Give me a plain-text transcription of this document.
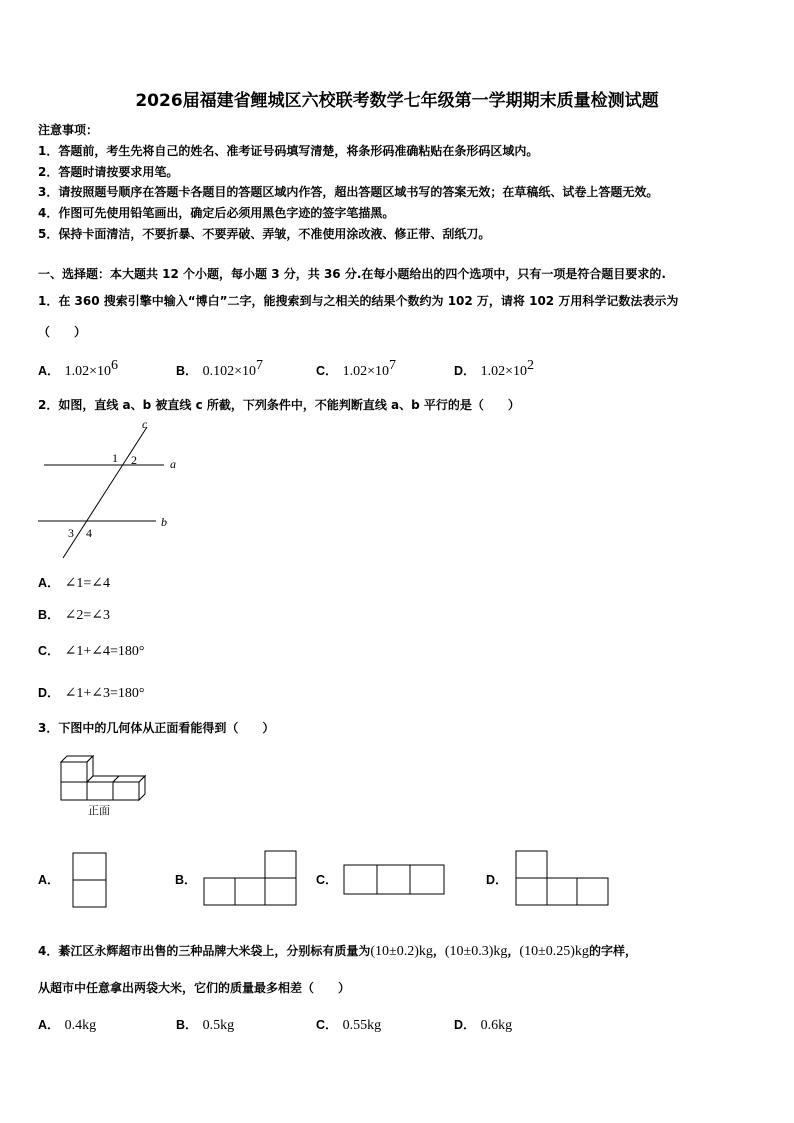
2026届福建省鲤城区六校联考数学七年级第一学期期末质量检测试题
注意事项：
1．答题前，考生先将自己的姓名、准考证号码填写清楚，将条形码准确粘贴在条形码区域内。
2．答题时请按要求用笔。
3．请按照题号顺序在答题卡各题目的答题区域内作答，超出答题区域书写的答案无效；在草稿纸、试卷上答题无效。
4．作图可先使用铅笔画出，确定后必须用黑色字迹的签字笔描黑。
5．保持卡面清洁，不要折暴、不要弄破、弄皱，不准使用涂改液、修正带、刮纸刀。
一、选择题：本大题共 12 个小题，每小题 3 分，共 36 分.在每小题给出的四个选项中，只有一项是符合题目要求的.
1．在 360 搜索引擎中输入“博白”二字，能搜索到与之相关的结果个数约为 102 万，请将 102 万用科学记数法表示为
（　　）
A． $1.02\times 10^6$	B． $0.102\times 10^7$	C． $1.02\times 10^7$	D． $1.02\times 10^2$
2．如图，直线 a、b 被直线 c 所截，下列条件中，不能判断直线 a、b 平行的是（　　）
c
a
b
1 2
3 4
A． ∠1=∠4
B． ∠2=∠3
C． ∠1+∠4=180°
D． ∠1+∠3=180°
3．下图中的几何体从正面看能得到（　　）
正面
A．	B．	C．	D．
4．綦江区永辉超市出售的三种品牌大米袋上，分别标有质量为(10±0.2)kg，(10±0.3)kg，(10±0.25)kg的字样，
从超市中任意拿出两袋大米，它们的质量最多相差（　　）
A． 0.4kg	B． 0.5kg	C． 0.55kg	D． 0.6kg
